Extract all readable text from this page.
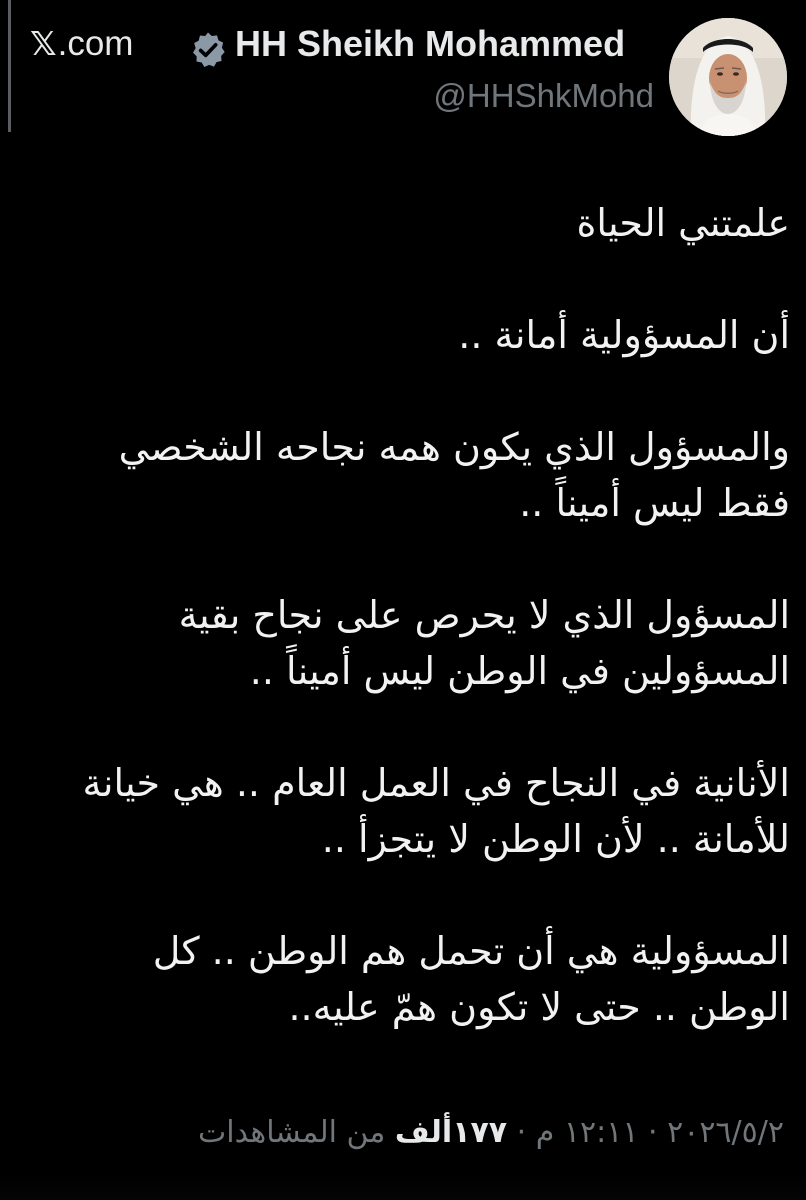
𝕏 .com	HH Sheikh Mohammed
@HHShkMohd

علمتني الحياة

أن المسؤولية أمانة ..

والمسؤول الذي يكون همه نجاحه الشخصي
فقط ليس أميناً ..

المسؤول الذي لا يحرص على نجاح بقية
المسؤولين في الوطن ليس أميناً ..

الأنانية في النجاح في العمل العام .. هي خيانة
للأمانة .. لأن الوطن لا يتجزأ ..

المسؤولية هي أن تحمل هم الوطن .. كل
الوطن .. حتى لا تكون همّ عليه..

٢٠٢٦/٥/٢ · ١٢:١١ م · ١٧٧ألف من المشاهدات
